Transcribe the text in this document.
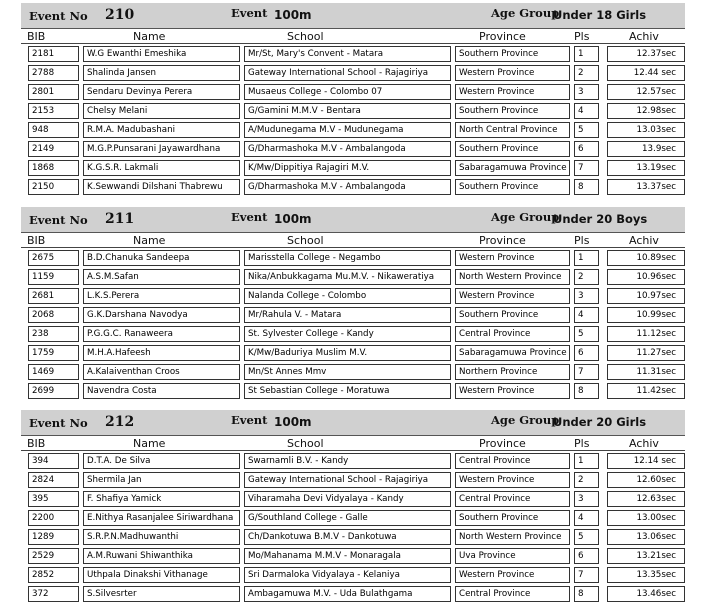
Event No 210	Event 100m	Age Group
Under 18 Girls
BIB	Name	School	Province	Pls	Achiv
2181	W.G Ewanthi Emeshika	Mr/St, Mary's Convent - Matara	Southern Province	1	12.37sec
2788	Shalinda Jansen	Gateway International School - Rajagiriya	Western Province	2	12.44 sec
2801	Sendaru Devinya Perera	Musaeus College - Colombo 07	Western Province	3	12.57sec
2153	Chelsy Melani	G/Gamini M.M.V - Bentara	Southern Province	4	12.98sec
948	R.M.A. Madubashani	A/Mudunegama M.V - Mudunegama	North Central Province	5	13.03sec
2149	M.G.P.Punsarani Jayawardhana	G/Dharmashoka M.V - Ambalangoda	Southern Province	6	13.9sec
1868	K.G.S.R. Lakmali	K/Mw/Dippitiya Rajagiri M.V.	Sabaragamuwa Province	7	13.19sec
2150	K.Sewwandi Dilshani Thabrewu	G/Dharmashoka M.V - Ambalangoda	Southern Province	8	13.37sec
Event No 211	Event 100m	Age Group
Under 20 Boys
BIB	Name	School	Province	Pls	Achiv
2675	B.D.Chanuka Sandeepa	Marisstella College - Negambo	Western Province	1	10.89sec
1159	A.S.M.Safan	Nika/Anbukkagama Mu.M.V. - Nikaweratiya	North Western Province	2	10.96sec
2681	L.K.S.Perera	Nalanda College - Colombo	Western Province	3	10.97sec
2068	G.K.Darshana Navodya	Mr/Rahula V. - Matara	Southern Province	4	10.99sec
238	P.G.G.C. Ranaweera	St. Sylvester College - Kandy	Central Province	5	11.12sec
1759	M.H.A.Hafeesh	K/Mw/Baduriya Muslim M.V.	Sabaragamuwa Province	6	11.27sec
1469	A.Kalaiventhan Croos	Mn/St Annes Mmv	Northern Province	7	11.31sec
2699	Navendra Costa	St Sebastian College - Moratuwa	Western Province	8	11.42sec
Event No 212	Event 100m	Age Group
Under 20 Girls
BIB	Name	School	Province	Pls	Achiv
394	D.T.A. De Silva	Swarnamli B.V. - Kandy	Central Province	1	12.14 sec
2824	Shermila Jan	Gateway International School - Rajagiriya	Western Province	2	12.60sec
395	F. Shafiya Yamick	Viharamaha Devi Vidyalaya - Kandy	Central Province	3	12.63sec
2200	E.Nithya Rasanjalee Siriwardhana	G/Southland College - Galle	Southern Province	4	13.00sec
1289	S.R.P.N.Madhuwanthi	Ch/Dankotuwa B.M.V - Dankotuwa	North Western Province	5	13.06sec
2529	A.M.Ruwani Shiwanthika	Mo/Mahanama M.M.V - Monaragala	Uva Province	6	13.21sec
2852	Uthpala Dinakshi Vithanage	Sri Darmaloka Vidyalaya - Kelaniya	Western Province	7	13.35sec
372	S.Silvesrter	Ambagamuwa M.V. - Uda Bulathgama	Central Province	8	13.46sec
